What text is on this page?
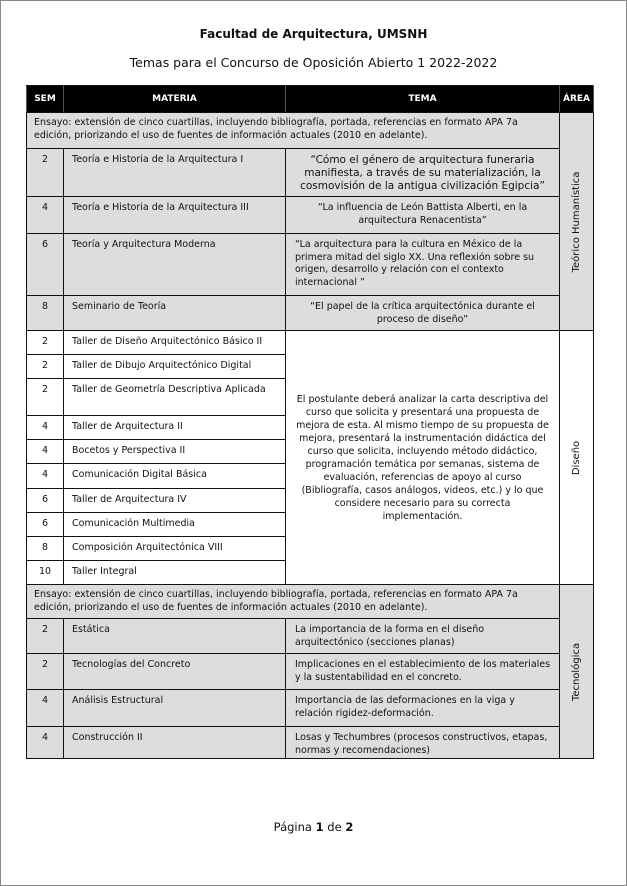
Facultad de Arquitectura, UMSNH
Temas para el Concurso de Oposición Abierto 1 2022-2022
SEM	MATERIA	TEMA	ÁREA
Ensayo: extensión de cinco cuartillas, incluyendo bibliografía, portada, referencias en formato APA 7a edición, priorizando el uso de fuentes de información actuales (2010 en adelante).			Teórico Humanística

2	Teoría e Historia de la Arquitectura I	“Cómo el género de arquitectura funeraria manifiesta, a través de su materialización, la cosmovisión de la antigua civilización Egipcia”	
4	Teoría e Historia de la Arquitectura III	“La influencia de León Battista Alberti, en la arquitectura Renacentista”	
6	Teoría y Arquitectura Moderna	“La arquitectura para la cultura en México de la primera mitad del siglo XX. Una reflexión sobre su origen, desarrollo y relación con el contexto internacional ”	
8	Seminario de Teoría	“El papel de la crítica arquitectónica durante el proceso de diseño”	
2	Taller de Diseño Arquitectónico Básico II	El postulante deberá analizar la carta descriptiva del curso que solicita y presentará una propuesta de mejora de esta. Al mismo tiempo de su propuesta de mejora, presentará la instrumentación didáctica del curso que solicita, incluyendo método didáctico, programación temática por semanas, sistema de evaluación, referencias de apoyo al curso (Bibliografía, casos análogos, videos, etc.) y lo que considere necesario para su correcta implementación.	Diseño

2	Taller de Dibujo Arquitectónico Digital		
2	Taller de Geometría Descriptiva Aplicada		
4	Taller de Arquitectura II		
4	Bocetos y Perspectiva II		
4	Comunicación Digital Básica		
6	Taller de Arquitectura IV		
6	Comunicación Multimedia		
8	Composición Arquitectónica VIII		
10	Taller Integral		
Ensayo: extensión de cinco cuartillas, incluyendo bibliografía, portada, referencias en formato APA 7a edición, priorizando el uso de fuentes de información actuales (2010 en adelante).			Tecnológica

2	Estática	La importancia de la forma en el diseño arquitectónico (secciones planas)	
2	Tecnologías del Concreto	Implicaciones en el establecimiento de los materiales y la sustentabilidad en el concreto.	
4	Análisis Estructural	Importancia de las deformaciones en la viga y relación rigidez-deformación.	
4	Construcción II	Losas y Techumbres (procesos constructivos, etapas, normas y recomendaciones)	
Página 1 de 2
